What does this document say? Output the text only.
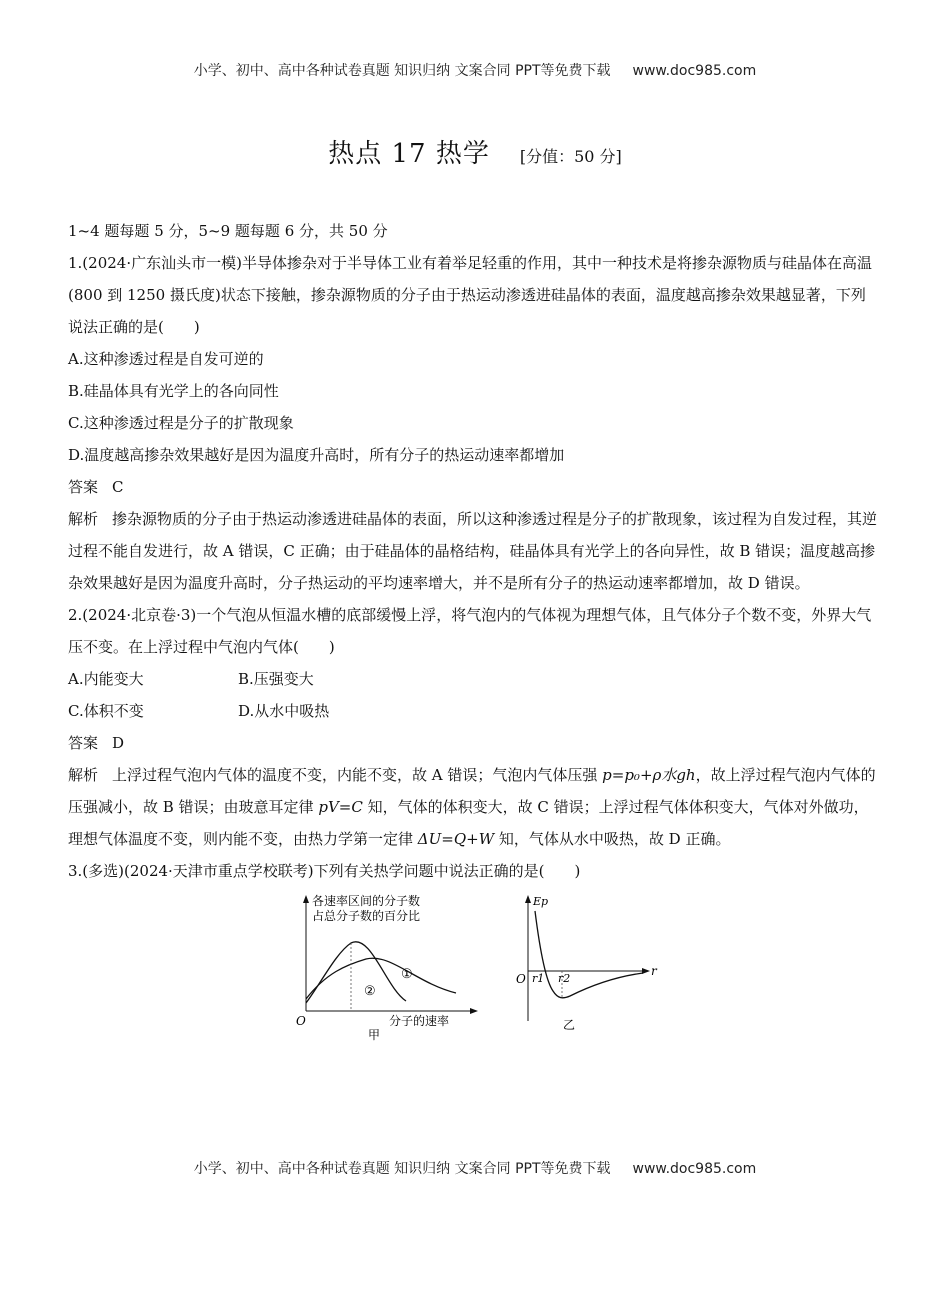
小学、初中、高中各种试卷真题 知识归纳 文案合同 PPT等免费下载 www.doc985.com
热点 17 热学 [分值：50 分]

1~4 题每题 5 分，5~9 题每题 6 分，共 50 分

1.(2024·广东汕头市一模)半导体掺杂对于半导体工业有着举足轻重的作用，其中一种技术是将掺杂源物质与硅晶体在高温(800 到 1250 摄氏度)状态下接触，掺杂源物质的分子由于热运动渗透进硅晶体的表面，温度越高掺杂效果越显著，下列说法正确的是(　　)

A.这种渗透过程是自发可逆的

B.硅晶体具有光学上的各向同性

C.这种渗透过程是分子的扩散现象

D.温度越高掺杂效果越好是因为温度升高时，所有分子的热运动速率都增加

答案 C

解析 掺杂源物质的分子由于热运动渗透进硅晶体的表面，所以这种渗透过程是分子的扩散现象，该过程为自发过程，其逆过程不能自发进行，故 A 错误，C 正确；由于硅晶体的晶格结构，硅晶体具有光学上的各向异性，故 B 错误；温度越高掺杂效果越好是因为温度升高时，分子热运动的平均速率增大，并不是所有分子的热运动速率都增加，故 D 错误。

2.(2024·北京卷·3)一个气泡从恒温水槽的底部缓慢上浮，将气泡内的气体视为理想气体，且气体分子个数不变，外界大气压不变。在上浮过程中气泡内气体(　　)

A.内能变大	B.压强变大
C.体积不变	D.从水中吸热

答案 D

解析 上浮过程气泡内气体的温度不变，内能不变，故 A 错误；气泡内气体压强 p=p₀+ρ水gh，故上浮过程气泡内气体的压强减小，故 B 错误；由玻意耳定律 pV=C 知，气体的体积变大，故 C 错误；上浮过程气体体积变大，气体对外做功，理想气体温度不变，则内能不变，由热力学第一定律 ΔU=Q+W 知，气体从水中吸热，故 D 正确。

3.(多选)(2024·天津市重点学校联考)下列有关热学问题中说法正确的是(　　)

各速率区间的分子数
占总分子数的百分比
①
②
O	分子的速率
甲
Ep
r
O r1 r2
乙
小学、初中、高中各种试卷真题 知识归纳 文案合同 PPT等免费下载 www.doc985.com
